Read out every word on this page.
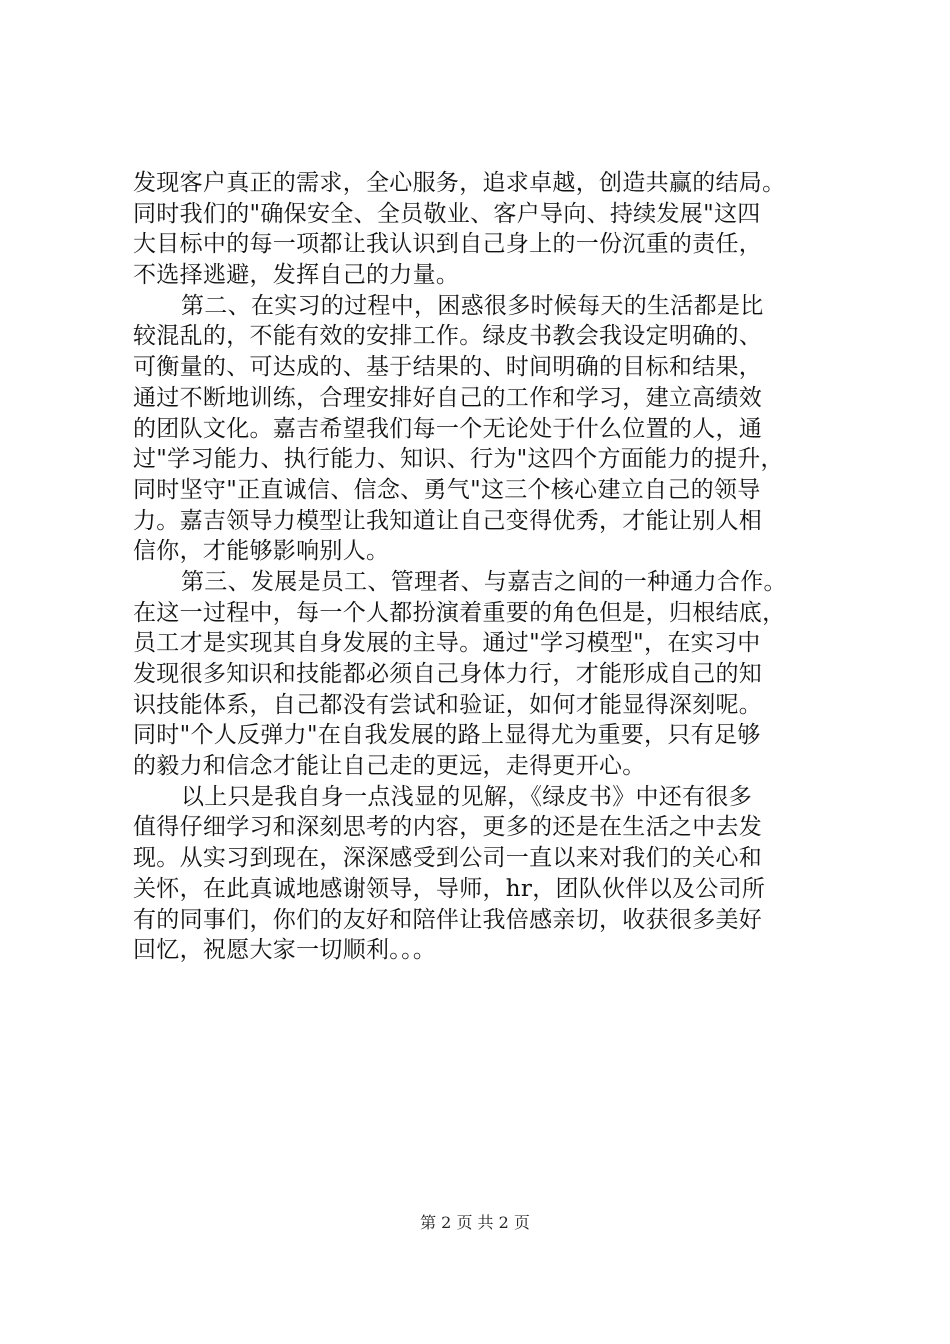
发现客户真正的需求，全心服务，追求卓越，创造共赢的结局。
同时我们的"确保安全、全员敬业、客户导向、持续发展"这四
大目标中的每一项都让我认识到自己身上的一份沉重的责任，
不选择逃避，发挥自己的力量。
第二、在实习的过程中，困惑很多时候每天的生活都是比
较混乱的，不能有效的安排工作。绿皮书教会我设定明确的、
可衡量的、可达成的、基于结果的、时间明确的目标和结果，
通过不断地训练，合理安排好自己的工作和学习，建立高绩效
的团队文化。嘉吉希望我们每一个无论处于什么位置的人，通
过"学习能力、执行能力、知识、行为"这四个方面能力的提升，
同时坚守"正直诚信、信念、勇气"这三个核心建立自己的领导
力。嘉吉领导力模型让我知道让自己变得优秀，才能让别人相
信你，才能够影响别人。
第三、发展是员工、管理者、与嘉吉之间的一种通力合作。
在这一过程中，每一个人都扮演着重要的角色但是，归根结底，
员工才是实现其自身发展的主导。通过"学习模型"，在实习中
发现很多知识和技能都必须自己身体力行，才能形成自己的知
识技能体系，自己都没有尝试和验证，如何才能显得深刻呢。
同时"个人反弹力"在自我发展的路上显得尤为重要，只有足够
的毅力和信念才能让自己走的更远，走得更开心。
以上只是我自身一点浅显的见解，《绿皮书》中还有很多
值得仔细学习和深刻思考的内容，更多的还是在生活之中去发
现。从实习到现在，深深感受到公司一直以来对我们的关心和
关怀，在此真诚地感谢领导，导师，hr，团队伙伴以及公司所
有的同事们，你们的友好和陪伴让我倍感亲切，收获很多美好
回忆，祝愿大家一切顺利。。。
第 2 页 共 2 页
